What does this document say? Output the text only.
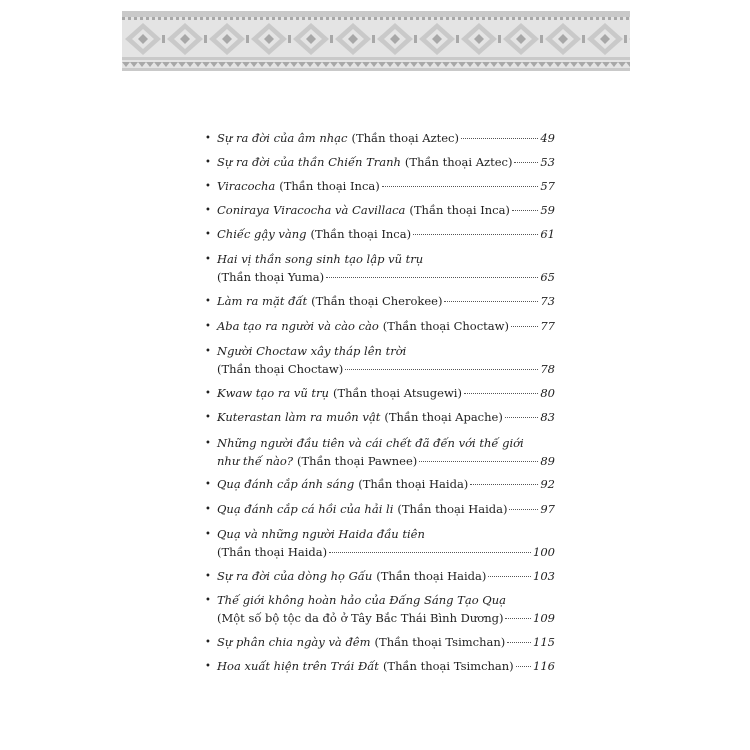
• Sự ra đời của âm nhạc (Thần thoại Aztec)	49
• Sự ra đời của thần Chiến Tranh (Thần thoại Aztec) 53
• Viracocha (Thần thoại Inca)	57
• Coniraya Viracocha và Cavillaca (Thần thoại Inca)	59
• Chiếc gậy vàng (Thần thoại Inca)	61
• Hai vị thần song sinh tạo lập vũ trụ
(Thần thoại Yuma)	65
• Làm ra mặt đất (Thần thoại Cherokee)	73
• Aba tạo ra người và cào cào (Thần thoại Choctaw)	77
• Người Choctaw xây tháp lên trời
(Thần thoại Choctaw)	78
• Kwaw tạo ra vũ trụ (Thần thoại Atsugewi)	80
• Kuterastan làm ra muôn vật (Thần thoại Apache)	83
• Những người đầu tiên và cái chết đã đến với thế giới
như thế nào? (Thần thoại Pawnee)	89
• Quạ đánh cắp ánh sáng (Thần thoại Haida)	92
• Quạ đánh cắp cá hồi của hải li (Thần thoại Haida)	97
• Quạ và những người Haida đầu tiên
(Thần thoại Haida)	100
• Sự ra đời của dòng họ Gấu (Thần thoại Haida)	103
• Thế giới không hoàn hảo của Đấng Sáng Tạo Quạ
(Một số bộ tộc da đỏ ở Tây Bắc Thái Bình Dương)	109
• Sự phân chia ngày và đêm (Thần thoại Tsimchan) 115
• Hoa xuất hiện trên Trái Đất (Thần thoại Tsimchan) 116
